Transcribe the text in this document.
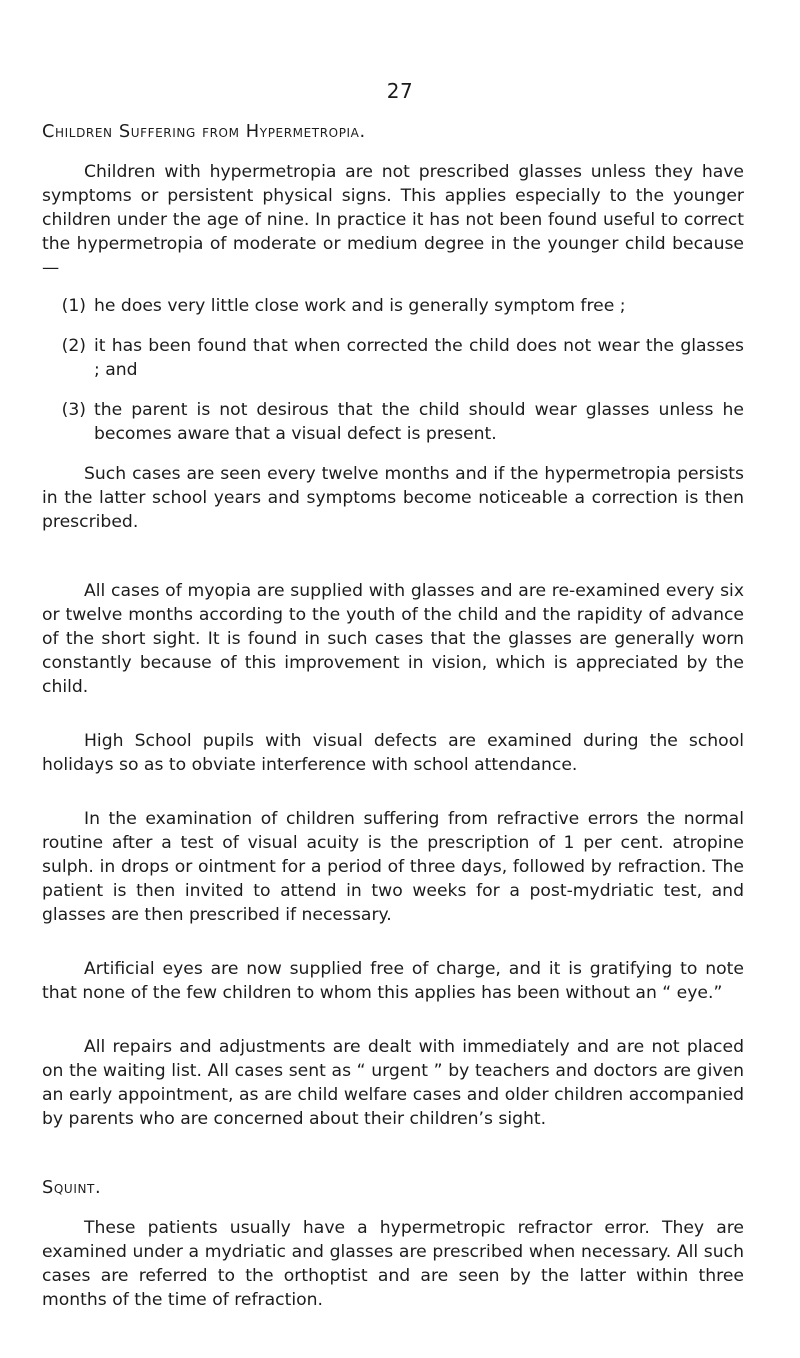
27
Children Suffering from Hypermetropia.

Children with hypermetropia are not prescribed glasses unless they have symptoms or persistent physical signs. This applies especially to the younger children under the age of nine. In practice it has not been found useful to correct the hypermetropia of moderate or medium degree in the younger child because—

(1) he does very little close work and is generally symptom free ;
(2) it has been found that when corrected the child does not wear the glasses ; and
(3) the parent is not desirous that the child should wear glasses unless he becomes aware that a visual defect is present.

Such cases are seen every twelve months and if the hypermetropia persists in the latter school years and symptoms become noticeable a correction is then prescribed.

All cases of myopia are supplied with glasses and are re-examined every six or twelve months according to the youth of the child and the rapidity of advance of the short sight. It is found in such cases that the glasses are generally worn constantly because of this improvement in vision, which is appreciated by the child.

High School pupils with visual defects are examined during the school holidays so as to obviate interference with school attendance.

In the examination of children suffering from refractive errors the normal routine after a test of visual acuity is the prescription of 1 per cent. atropine sulph. in drops or ointment for a period of three days, followed by refraction. The patient is then invited to attend in two weeks for a post-mydriatic test, and glasses are then prescribed if necessary.

Artificial eyes are now supplied free of charge, and it is gratifying to note that none of the few children to whom this applies has been without an “ eye.”

All repairs and adjustments are dealt with immediately and are not placed on the waiting list. All cases sent as “ urgent ” by teachers and doctors are given an early appointment, as are child welfare cases and older children accompanied by parents who are concerned about their children’s sight.

Squint.

These patients usually have a hypermetropic refractor error. They are examined under a mydriatic and glasses are prescribed when necessary. All such cases are referred to the orthoptist and are seen by the latter within three months of the time of refraction.
